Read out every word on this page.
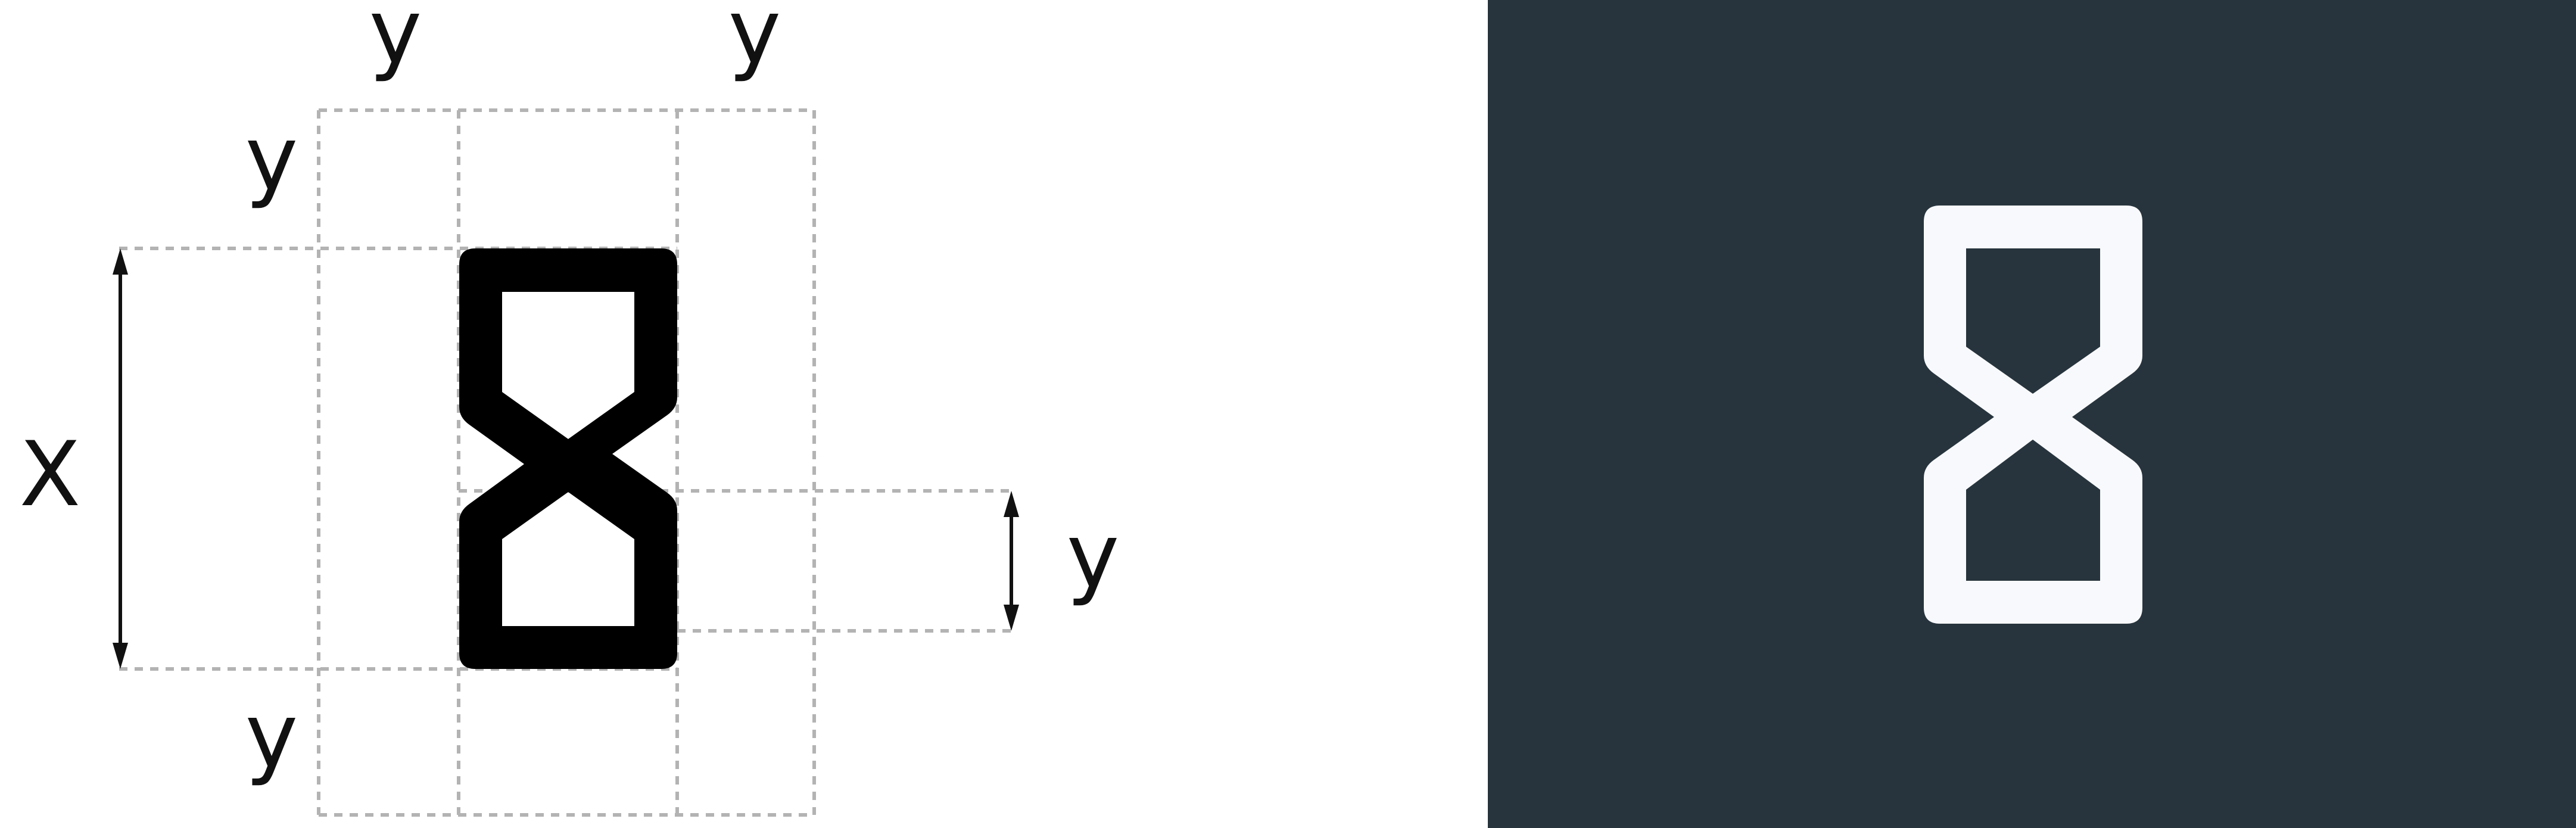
y	y
y
X
y
y
